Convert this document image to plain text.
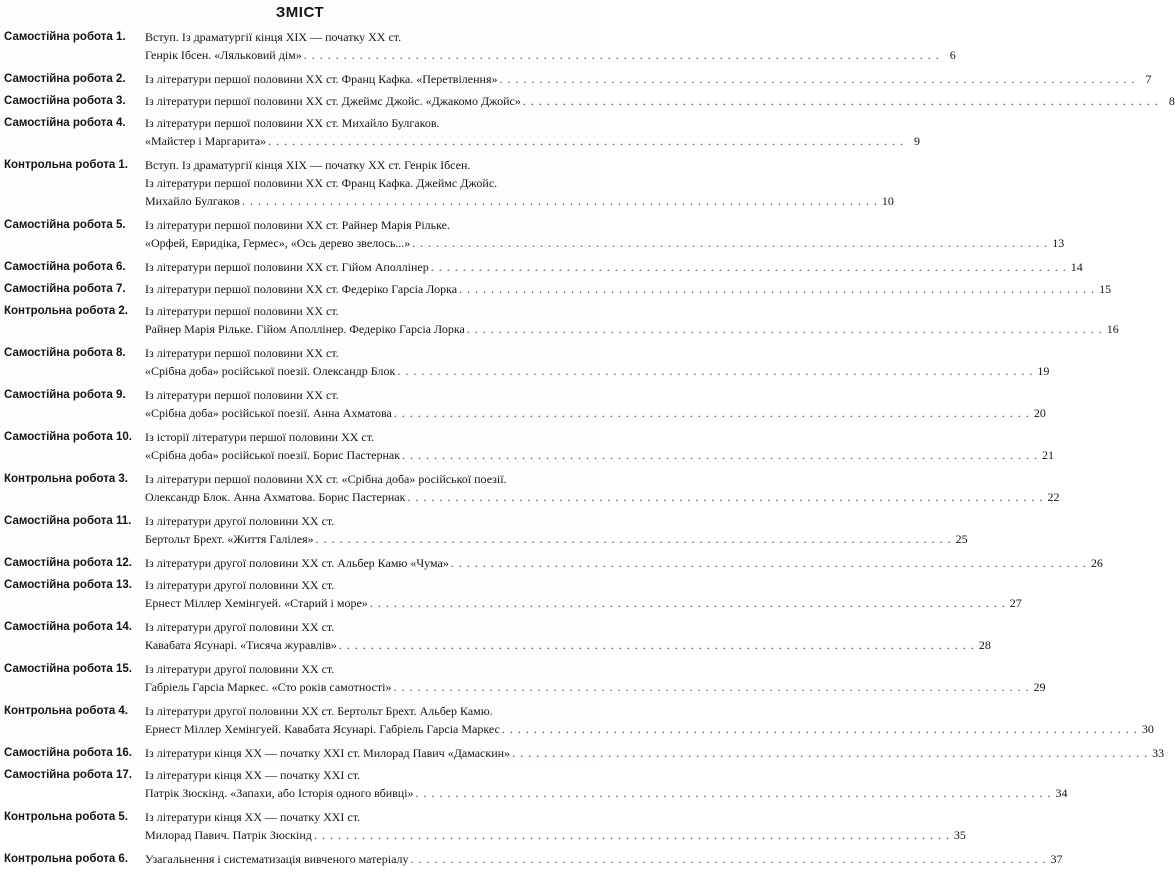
ЗМІСТ
Самостійна робота 1.	Вступ. Із драматургії кінця XIX — початку XX ст.
Генрік Ібсен. «Лялькoвий дім» . . .	6
Самостійна робота 2.	Із літератури першої половини XX ст. Франц Кафка. «Перетвілення» . . .	7
Самостійна робота 3.	Із літератури першої половини XX ст. Джеймс Джойс. «Джакомо Джойс» . . .	8
Самостійна робота 4.	Із літератури першої половини XX ст. Михайло Булгаков.
«Майстер і Маргарита» . . .	9
Контрольна робота 1.	Вступ. Із драматургії кінця XIX — початку XX ст. Генрік Ібсен.
Із літератури першої половини XX ст. Франц Кафка. Джеймс Джойс.
Михайло Булгаков . . .	10
Самостійна робота 5.	Із літератури першої половини XX ст. Райнер Марія Рільке.
«Орфей, Евридіка, Гермес», «Ось дерево звелось...» . . .	13
Самостійна робота 6.	Із літератури першої половини XX ст. Гійом Аполлінер . . .	14
Самостійна робота 7.	Із літератури першої половини XX ст. Федеріко Гарсіа Лорка . . .	15
Контрольна робота 2.	Із літератури першої половини XX ст.
Райнер Марія Рільке. Гійом Аполлінер. Федеріко Гарсіа Лорка . . .	16
Самостійна робота 8.	Із літератури першої половини XX ст.
«Срібна доба» російської поезії. Олександр Блок . . .	19
Самостійна робота 9.	Із літератури першої половини XX ст.
«Срібна доба» російської поезії. Анна Ахматова . . .	20
Самостійна робота 10.	Із історії літератури першої половини XX ст.
«Срібна доба» російської поезії. Борис Пастернак . . .	21
Контрольна робота 3.	Із літератури першої половини XX ст. «Срібна доба» російської поезії.
Олександр Блок. Анна Ахматова. Борис Пастернак . . .	22
Самостійна робота 11.	Із літератури другої половини XX ст.
Бертольт Брехт. «Життя Галілея» . . .	25
Самостійна робота 12.	Із літератури другої половини XX ст. Альбер Камю «Чума» . . .	26
Самостійна робота 13.	Із літератури другої половини XX ст.
Ернест Міллер Хемінгуей. «Старий і море» . . .	27
Самостійна робота 14.	Із літератури другої половини XX ст.
Кавабата Ясунарі. «Тисяча журавлів» . . .	28
Самостійна робота 15.	Із літератури другої половини XX ст.
Габріель Гарсіа Маркес. «Сто років самотності» . . .	29
Контрольна робота 4.	Із літератури другої половини XX ст. Бертольт Брехт. Альбер Камю.
Ернест Міллер Хемінгуей. Кавабата Ясунарі. Габріель Гарсіа Маркес . . .	30
Самостійна робота 16.	Із літератури кінця XX — початку XXI ст. Милорад Павич «Дамаскин» . . .	33
Самостійна робота 17.	Із літератури кінця XX — початку XXI ст.
Патрік Зюскінд. «Запахи, або Історія одного вбивці» . . .	34
Контрольна робота 5.	Із літератури кінця XX — початку XXI ст.
Милорад Павич. Патрік Зюскінд . . .	35
Контрольна робота 6.	Узагальнення і систематизація вивченого матеріалу . . .	37
